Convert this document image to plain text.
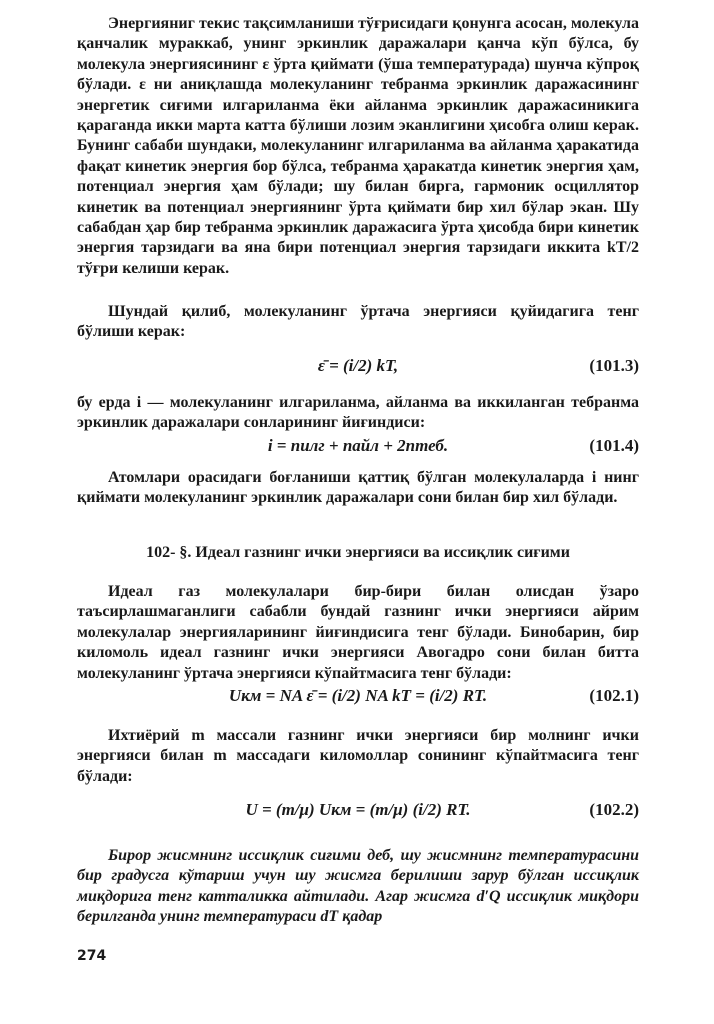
Энергияниг текис тақсимланиши тўғрисидаги қонунга асосан, молекула қанчалик мураккаб, унинг эркинлик даражалари қанча кўп бўлса, бу молекула энергиясининг ε ўрта қиймати (ўша температурада) шунча кўпроқ бўлади. ε ни аниқлашда молекуланинг тебранма эркинлик даражасининг энергетик сиғими илгариланма ёки айланма эркинлик даражасиникига қараганда икки марта катта бўлиши лозим эканлигини ҳисобга олиш керак. Бунинг сабаби шундаки, молекуланинг илгариланма ва айланма ҳаракатида фақат кинетик энергия бор бўлса, тебранма ҳаракатда кинетик энергия ҳам, потенциал энергия ҳам бўлади; шу билан бирга, гармоник осциллятор кинетик ва потенциал энергиянинг ўрта қиймати бир хил бўлар экан. Шу сабабдан ҳар бир тебранма эркинлик даражасига ўрта ҳисобда бири кинетик энергия тарзидаги ва яна бири потенциал энергия тарзидаги иккита kT/2 тўғри келиши керак.

Шундай қилиб, молекуланинг ўртача энергияси қуйидагига тенг бўлиши керак:

ε̄ = (i/2) kT,	(101.3)

бу ерда i — молекуланинг илгариланма, айланма ва иккиланган тебранма эркинлик даражалари сонларининг йиғиндиси:

i = nилг + nайл + 2nтеб.	(101.4)

Атомлари орасидаги боғланиши қаттиқ бўлган молекулаларда i нинг қиймати молекуланинг эркинлик даражалари сони билан бир хил бўлади.

102- §. Идеал газнинг ички энергияси ва иссиқлик сиғими

Идеал газ молекулалари бир-бири билан олисдан ўзаро таъсирлашмаганлиги сабабли бундай газнинг ички энергияси айрим молекулалар энергияларининг йиғиндисига тенг бўлади. Бинобарин, бир киломоль идеал газнинг ички энергияси Авогадро сони билан битта молекуланинг ўртача энергияси кўпайтмасига тенг бўлади:

Uкм = NA ε̄ = (i/2) NA kT = (i/2) RT.	(102.1)

Ихтиёрий m массали газнинг ички энергияси бир молнинг ички энергияси билан m массадаги киломоллар сонининг кўпайтмасига тенг бўлади:

U = (m/μ) Uкм = (m/μ) (i/2) RT.	(102.2)

Бирор жисмнинг иссиқлик сиғими деб, шу жисмнинг температурасини бир градусга кўтариш учун шу жисмга берилиши зарур бўлган иссиқлик миқдорига тенг катталикка айтилади. Агар жисмга d′Q иссиқлик миқдори берилганда унинг температураси dT қадар

274
